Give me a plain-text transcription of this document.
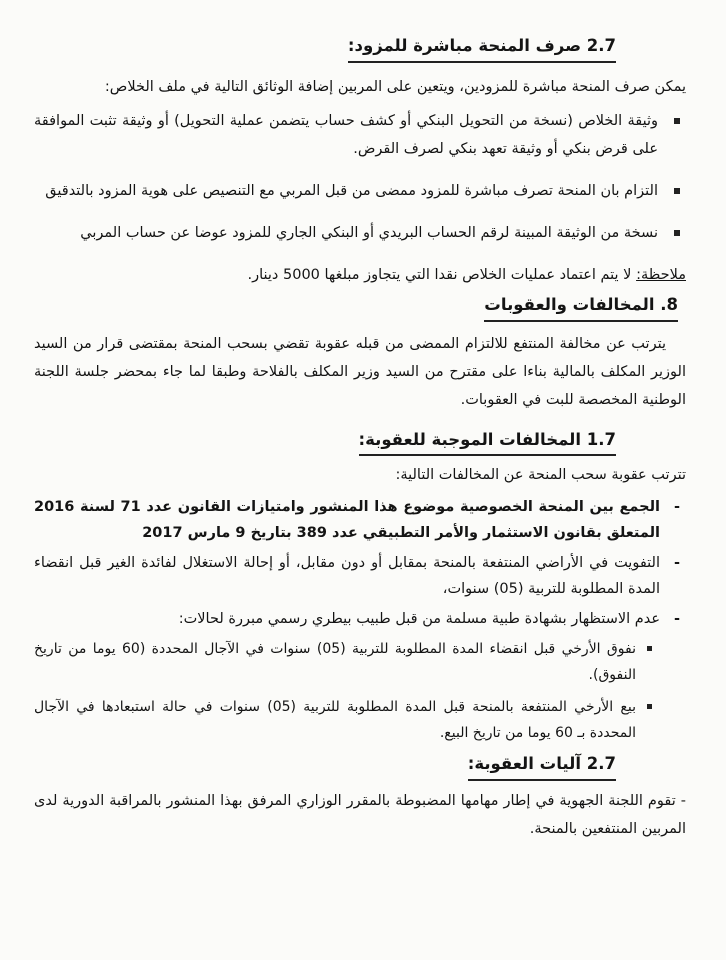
2.7 صرف المنحة مباشرة للمزود:

يمكن صرف المنحة مباشرة للمزودين، ويتعين على المربين إضافة الوثائق التالية في ملف الخلاص:

وثيقة الخلاص (نسخة من التحويل البنكي أو كشف حساب يتضمن عملية التحويل) أو وثيقة تثبت الموافقة على قرض بنكي أو وثيقة تعهد بنكي لصرف القرض.
التزام بان المنحة تصرف مباشرة للمزود ممضى من قبل المربي مع التنصيص على هوية المزود بالتدقيق
نسخة من الوثيقة المبينة لرقم الحساب البريدي أو البنكي الجاري للمزود عوضا عن حساب المربي
ملاحظة: لا يتم اعتماد عمليات الخلاص نقدا التي يتجاوز مبلغها 5000 دينار.
8. المخالفات والعقوبات

يترتب عن مخالفة المنتفع للالتزام الممضى من قبله عقوبة تقضي بسحب المنحة بمقتضى قرار من السيد الوزير المكلف بالمالية بناءا على مقترح من السيد وزير المكلف بالفلاحة وطبقا لما جاء بمحضر جلسة اللجنة الوطنية المخصصة للبت في العقوبات.

1.7 المخالفات الموجبة للعقوبة:

تترتب عقوبة سحب المنحة عن المخالفات التالية:

- الجمع بين المنحة الخصوصية موضوع هذا المنشور وامتيازات القانون عدد 71 لسنة 2016 المتعلق بقانون الاستثمار والأمر التطبيقي عدد 389 بتاريخ 9 مارس 2017
- التفويت في الأراضي المنتفعة بالمنحة بمقابل أو دون مقابل، أو إحالة الاستغلال لفائدة الغير قبل انقضاء المدة المطلوبة للتربية (05) سنوات،
- عدم الاستظهار بشهادة طبية مسلمة من قبل طبيب بيطري رسمي مبررة لحالات:
نفوق الأرخي قبل انقضاء المدة المطلوبة للتربية (05) سنوات في الآجال المحددة (60 يوما من تاريخ النفوق).
بيع الأرخي المنتفعة بالمنحة قبل المدة المطلوبة للتربية (05) سنوات في حالة استبعادها في الآجال المحددة بـ 60 يوما من تاريخ البيع.
2.7 آليات العقوبة:

- تقوم اللجنة الجهوية في إطار مهامها المضبوطة بالمقرر الوزاري المرفق بهذا المنشور بالمراقبة الدورية لدى المربين المنتفعين بالمنحة.
